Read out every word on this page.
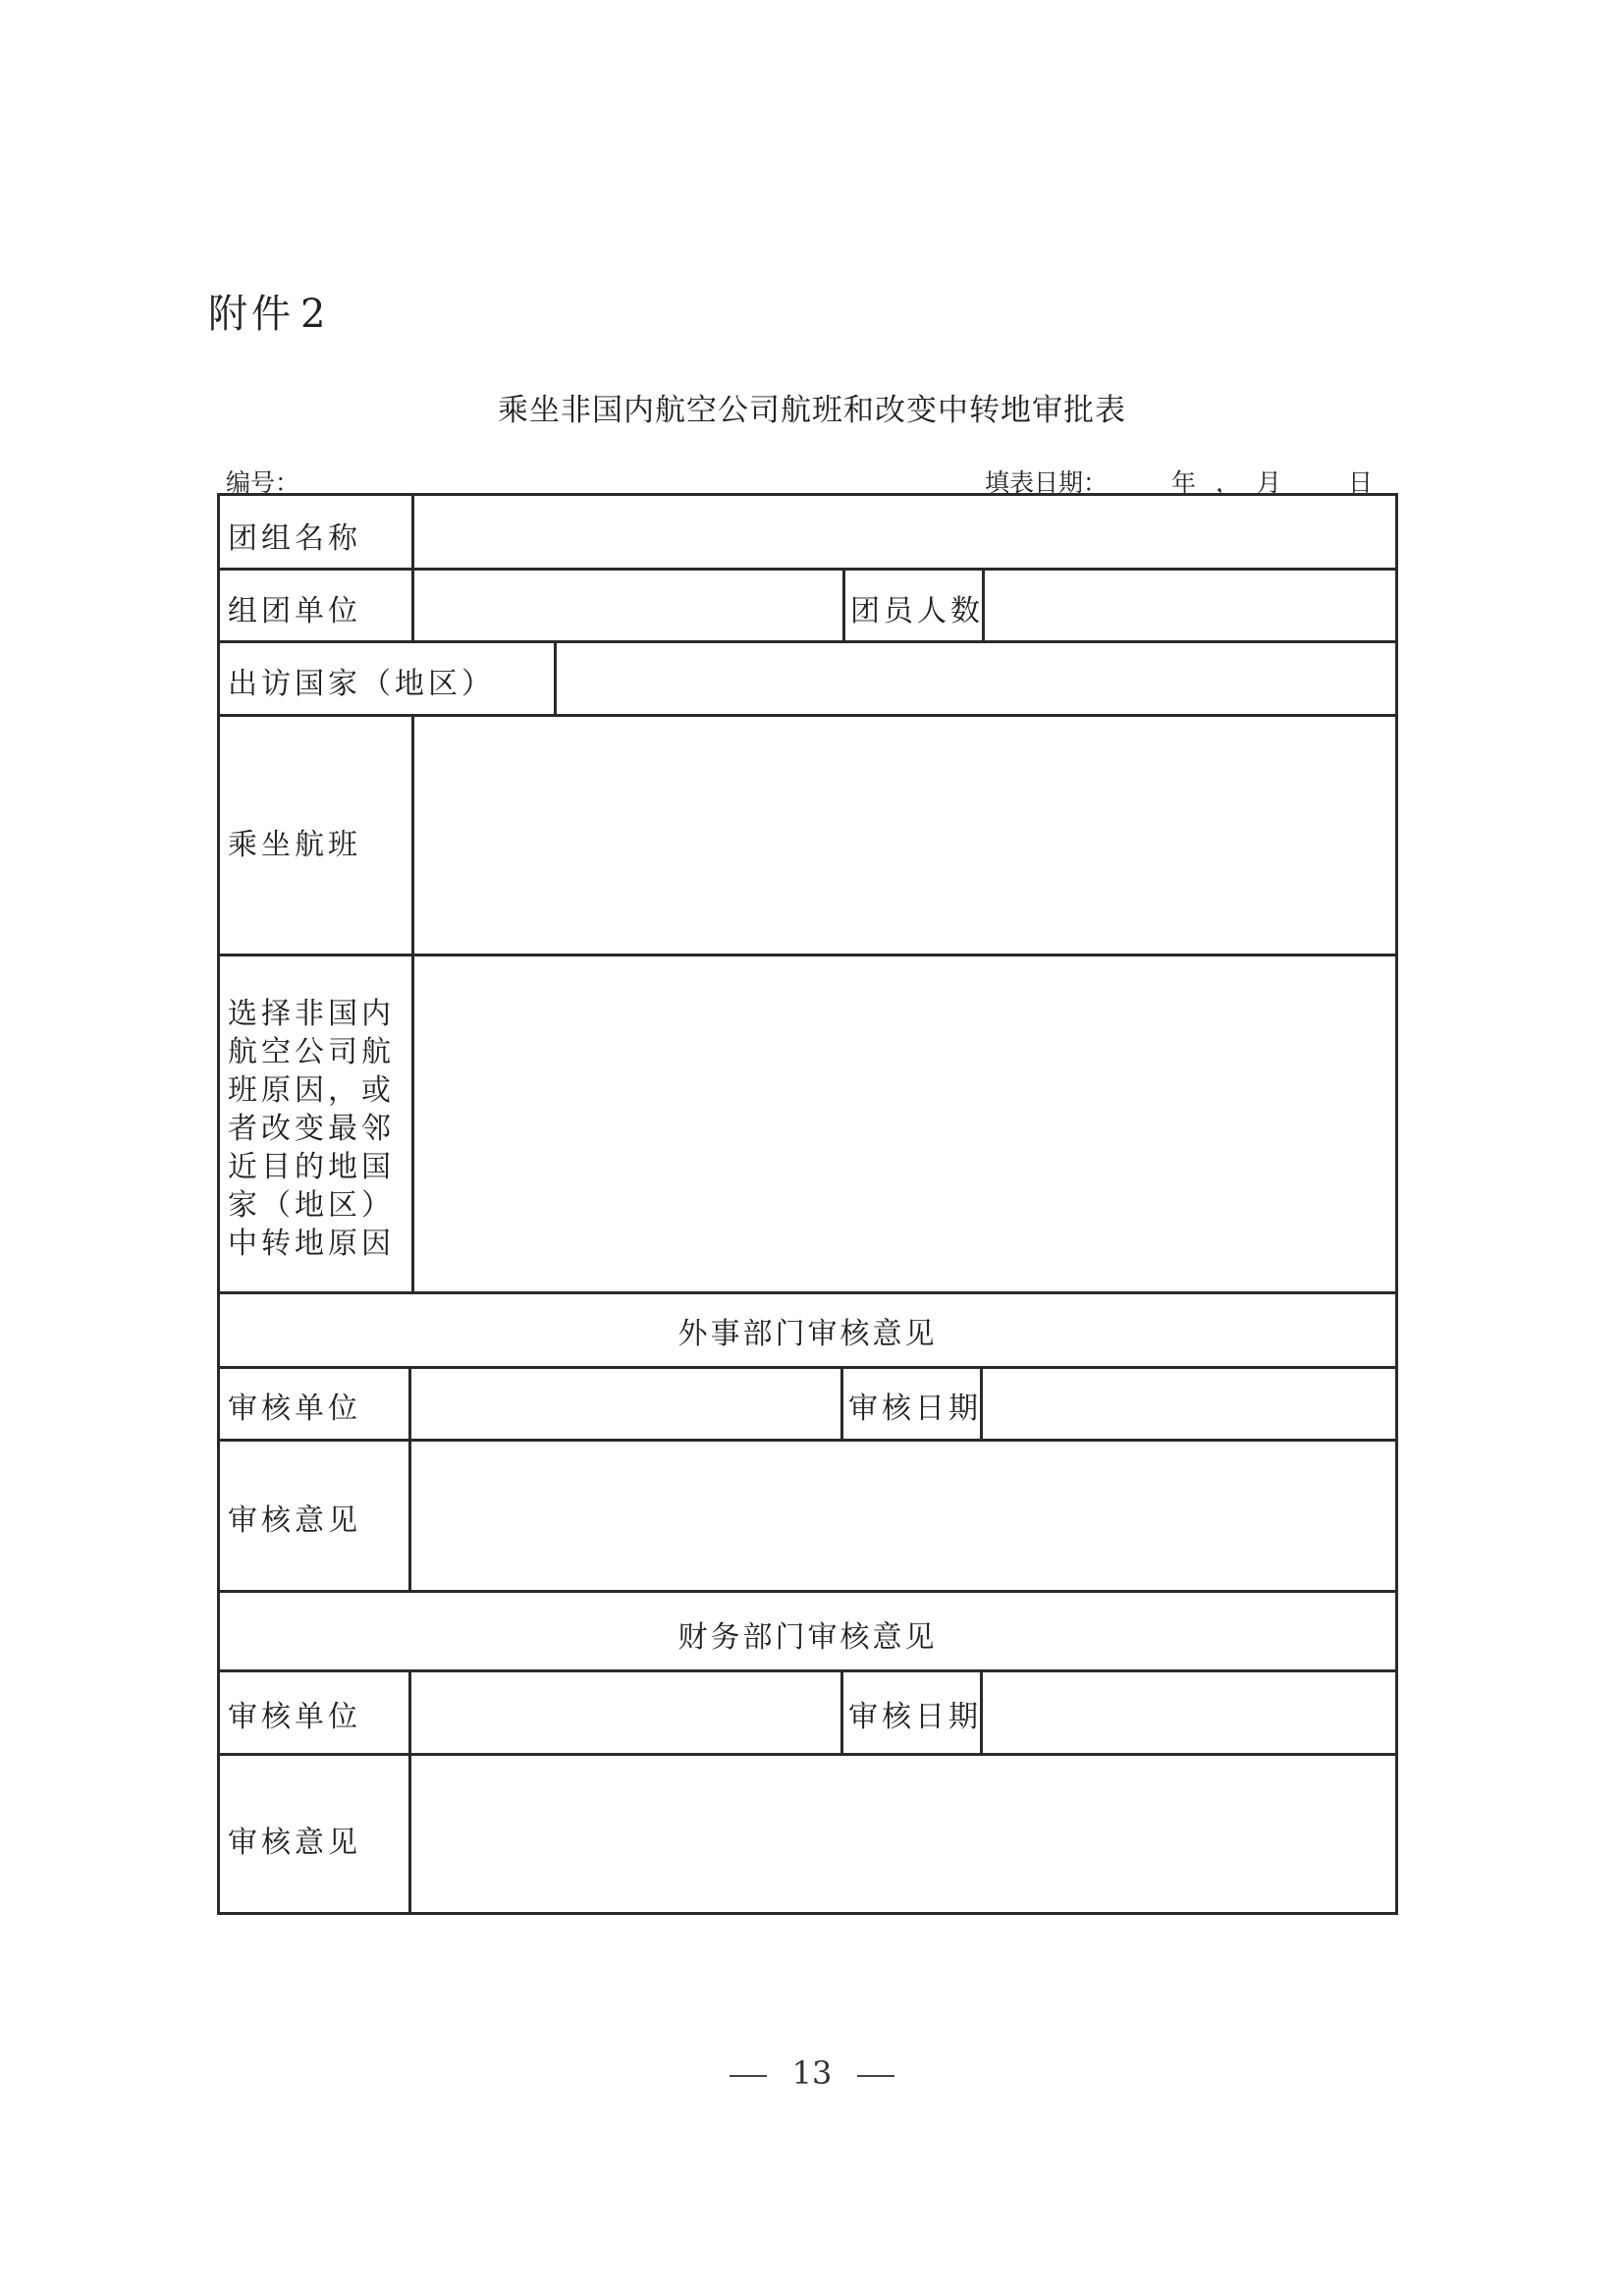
附件 2
乘坐非国内航空公司航班和改变中转地审批表
编号：	填表日期：	年 ， 月	日
团组名称
组团单位	团员人数
出访国家（地区）
乘坐航班
选择非国内航空公司航班原因，或者改变最邻近目的地国家（地区）中转地原因
外事部门审核意见
审核单位	审核日期
审核意见
财务部门审核意见
审核单位	审核日期
审核意见
13
